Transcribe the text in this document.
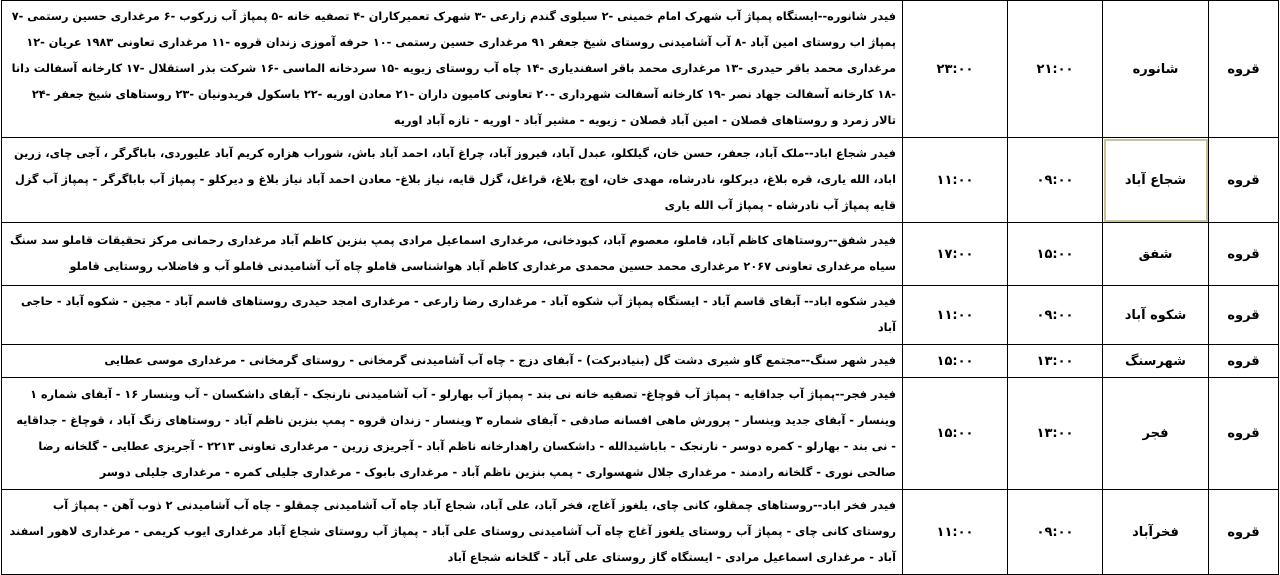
قروه	شانوره	۲۱:۰۰	۲۳:۰۰	فیدر شانوره--ایستگاه پمپاژ آب شهرک امام خمینی -۲ سیلوی گندم زارعی -۳ شهرک تعمیرکاران -۴ تصفیه خانه -۵ پمپاژ آب زرکوب -۶ مرغداری حسین رستمی -۷ پمپاژ اب روستای امین آباد -۸ آب آشامیدنی روستای شیخ جعفر ۹۱ مرغداری حسین رستمی -۱۰ حرفه آموزی زندان قروه -۱۱ مرغداری تعاونی ۱۹۸۳ عریان -۱۲ مرغداری محمد باقر حیدری -۱۳ مرغداری محمد باقر اسفندیاری -۱۴ چاه آب روستای زیویه -۱۵ سردخانه الماسی -۱۶ شرکت بذر استقلال -۱۷ کارخانه آسفالت دانا -۱۸ کارخانه آسفالت جهاد نصر -۱۹ کارخانه آسفالت شهرداری -۲۰ تعاونی کامیون داران -۲۱ معادن اوریه -۲۲ باسکول فریدونیان -۲۳ روستاهای شیخ جعفر -۲۴ تالار زمرد و روستاهای قصلان - امین آباد قصلان - زیویه - مشیر آباد - اوریه - تازه آباد اوریه
قروه	شجاع آباد	۰۹:۰۰	۱۱:۰۰	فیدر شجاع اباد--ملک آباد، جعفر، حسن خان، گیلکلو، عبدل آباد، فیروز آباد، چراغ آباد، احمد آباد باش، شوراب هزاره کریم آباد علیوردی، باباگرگر ، آجی چای، زرین اباد، الله یاری، قره بلاغ، دیرکلو، نادرشاه، مهدی خان، اوچ بلاغ، قراغل، گزل قایه، نیاز بلاغ- معادن احمد آباد نیاز بلاغ و دیرکلو - پمپاژ آب باباگرگر - پمپاژ آب گزل قایه پمپاژ آب نادرشاه - پمپاژ آب الله یاری
قروه	شفق	۱۵:۰۰	۱۷:۰۰	فیدر شفق--روستاهای کاظم آباد، قاملو، معصوم آباد، کبودخانی، مرغداری اسماعیل مرادی پمپ بنزین کاظم آباد مرغداری رحمانی مرکز تحقیقات قاملو سد سنگ سیاه مرغداری تعاونی ۲۰۶۷ مرغداری محمد حسین محمدی مرغداری کاظم آباد هواشناسی قاملو چاه آب آشامیدنی قاملو آب و فاضلاب روستایی قاملو
قروه	شکوه آباد	۰۹:۰۰	۱۱:۰۰	فیدر شکوه اباد-- آبفای قاسم آباد - ایستگاه پمپاژ آب شکوه آباد - مرغداری رضا زارعی - مرغداری امجد حیدری روستاهای قاسم آباد - مجین - شکوه آباد - حاجی آباد
قروه	شهرسنگ	۱۳:۰۰	۱۵:۰۰	فیدر شهر سنگ--مجتمع گاو شیری دشت گل (بنیادبرکت) - آبفای دزج - چاه آب آشامیدنی گرمخانی - روستای گرمخانی - مرغداری موسی عطایی
قروه	فجر	۱۳:۰۰	۱۵:۰۰	فیدر فجر--پمپاژ آب جداقایه - پمپاژ آب قوچاغ- تصفیه خانه نی بند - پمپاژ آب بهارلو - آب آشامیدنی نارنجک - آبفای داشکسان - آب وینسار ۱۶ - آبفای شماره ۱ وینسار - آبفای جدید وینسار - پرورش ماهی افسانه صادقی - آبفای شماره ۳ وینسار - زندان قروه - پمپ بنزین ناظم آباد - روستاهای زنگ آباد ، قوچاغ - جداقایه - نی بند - بهارلو - کمره دوسر - نارنجک - باباشیدالله - داشکسان راهدارخانه ناظم آباد - آجریزی زرین - مرغداری تعاونی ۲۲۱۳ - آجریزی عطایی - گلخانه رضا صالحی نوری - گلخانه رادمند - مرغداری جلال شهسواری - پمپ بنزین ناظم آباد - مرغداری بابوک - مرغداری جلیلی کمره - مرغداری جلیلی دوسر
قروه	فخرآباد	۰۹:۰۰	۱۱:۰۰	فیدر فخر اباد--روستاهای چمقلو، کانی چای، یلغوز آغاج، فخر آباد، علی آباد، شجاع آباد چاه آب آشامیدنی چمقلو - چاه آب آشامیدنی ۲ ذوب آهن - پمپاژ آب روستای کانی چای - پمپاژ آب روستای یلغوز آغاج چاه آب آشامیدنی روستای علی آباد - پمپاژ آب روستای شجاع آباد مرغداری ایوب کریمی - مرغداری لاهور اسفند آباد - مرغداری اسماعیل مرادی - ایستگاه گاز روستای علی آباد - گلخانه شجاع آباد
